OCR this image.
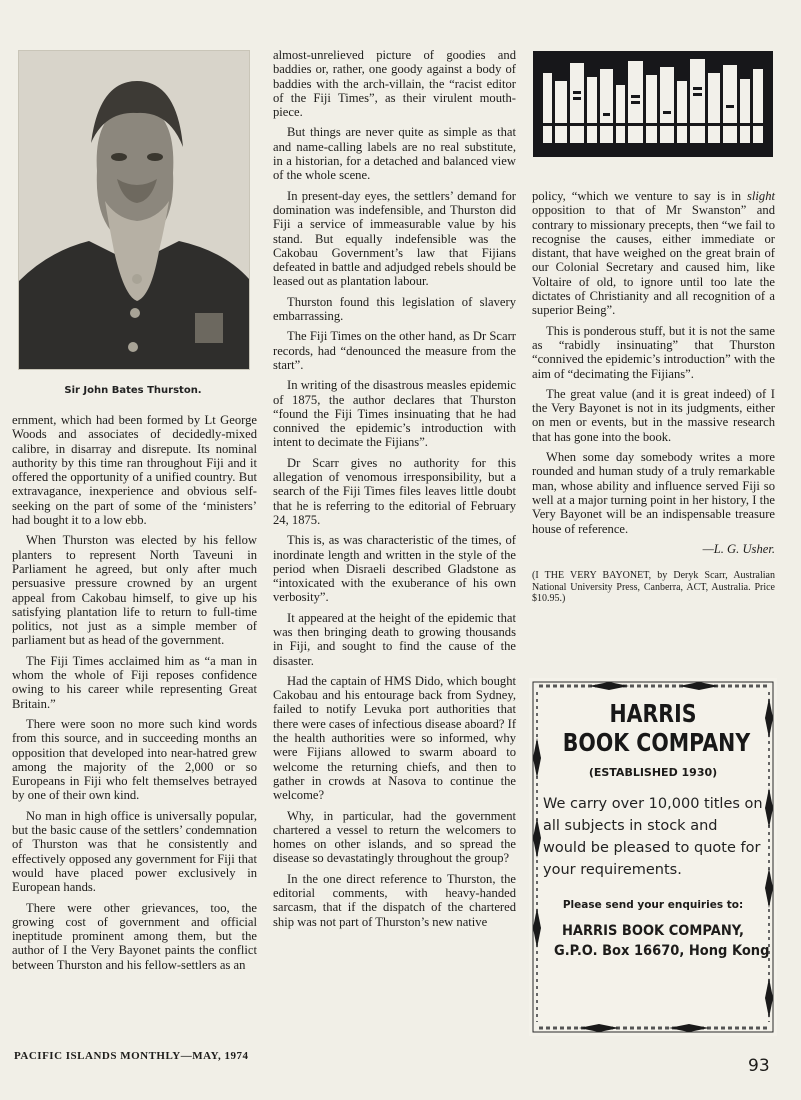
Sir John Bates Thurston.

ernment, which had been formed by Lt George Woods and associates of decidedly-mixed calibre, in disarray and disrepute. Its nominal authority by this time ran throughout Fiji and it offered the opportunity of a unified country. But extravagance, inexperience and obvious self-seeking on the part of some of the ‘ministers’ had bought it to a low ebb.

When Thurston was elected by his fellow planters to represent North Taveuni in Parliament he agreed, but only after much persuasive pressure crowned by an urgent appeal from Cakobau himself, to give up his satisfying plantation life to return to full-time politics, not just as a simple member of parliament but as head of the government.

The Fiji Times acclaimed him as “a man in whom the whole of Fiji reposes confidence owing to his career while representing Great Britain.”

There were soon no more such kind words from this source, and in succeeding months an opposition that developed into near-hatred grew among the majority of the 2,000 or so Europeans in Fiji who felt themselves betrayed by one of their own kind.

No man in high office is universally popular, but the basic cause of the settlers’ condemnation of Thurston was that he consistently and effectively opposed any government for Fiji that would have placed power exclusively in European hands.

There were other grievances, too, the growing cost of government and official ineptitude prominent among them, but the author of I the Very Bayonet paints the conflict between Thurston and his fellow-settlers as an

almost-unrelieved picture of goodies and baddies or, rather, one goody against a body of baddies with the arch-villain, the “racist editor of the Fiji Times”, as their virulent mouth-piece.

But things are never quite as simple as that and name-calling labels are no real substitute, in a historian, for a detached and balanced view of the whole scene.

In present-day eyes, the settlers’ demand for domination was indefensible, and Thurston did Fiji a service of immeasurable value by his stand. But equally indefensible was the Cakobau Government’s law that Fijians defeated in battle and adjudged rebels should be leased out as plantation labour.

Thurston found this legislation of slavery embarrassing.

The Fiji Times on the other hand, as Dr Scarr records, had “denounced the measure from the start”.

In writing of the disastrous measles epidemic of 1875, the author declares that Thurston “found the Fiji Times insinuating that he had connived the epidemic’s introduction with intent to decimate the Fijians”.

Dr Scarr gives no authority for this allegation of venomous irresponsibility, but a search of the Fiji Times files leaves little doubt that he is referring to the editorial of February 24, 1875.

This is, as was characteristic of the times, of inordinate length and written in the style of the period when Disraeli described Gladstone as “intoxicated with the exuberance of his own verbosity”.

It appeared at the height of the epidemic that was then bringing death to growing thousands in Fiji, and sought to find the cause of the disaster.

Had the captain of HMS Dido, which bought Cakobau and his entourage back from Sydney, failed to notify Levuka port authorities that there were cases of infectious disease aboard? If the health authorities were so informed, why were Fijians allowed to swarm aboard to welcome the returning chiefs, and then to gather in crowds at Nasova to continue the welcome?

Why, in particular, had the government chartered a vessel to return the welcomers to homes on other islands, and so spread the disease so devastatingly throughout the group?

In the one direct reference to Thurston, the editorial comments, with heavy-handed sarcasm, that if the dispatch of the chartered ship was not part of Thurston’s new native

policy, “which we venture to say is in slight opposition to that of Mr Swanston” and contrary to missionary precepts, then “we fail to recognise the causes, either immediate or distant, that have weighed on the great brain of our Colonial Secretary and caused him, like Voltaire of old, to ignore until too late the dictates of Christianity and all recognition of a superior Being”.

This is ponderous stuff, but it is not the same as “rabidly insinuating” that Thurston “connived the epidemic’s introduction” with the aim of “decimating the Fijians”.

The great value (and it is great indeed) of I the Very Bayonet is not in its judgments, either on men or events, but in the massive research that has gone into the book.

When some day somebody writes a more rounded and human study of a truly remarkable man, whose ability and influence served Fiji so well at a major turning point in her history, I the Very Bayonet will be an indispensable treasure house of reference.

—L. G. Usher.
(I THE VERY BAYONET, by Deryk Scarr, Australian National University Press, Canberra, ACT, Australia. Price $10.95.)
HARRIS
BOOK COMPANY
(ESTABLISHED 1930)
We carry over 10,000 titles on all subjects in stock and would be pleased to quote for your requirements.
Please send your enquiries to:
HARRIS BOOK COMPANY,
G.P.O. Box 16670, Hong Kong
PACIFIC ISLANDS MONTHLY—MAY, 1974	93
